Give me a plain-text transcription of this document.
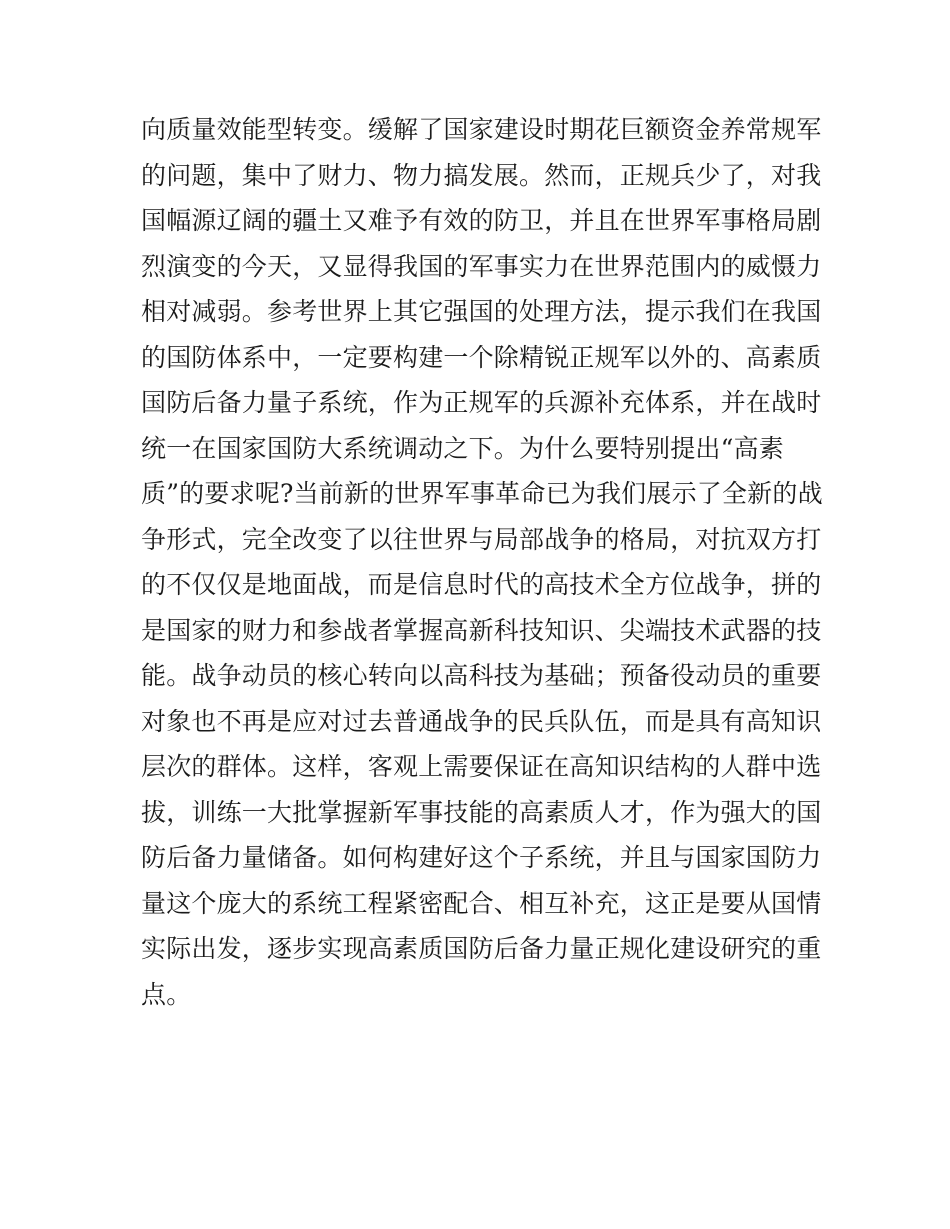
向质量效能型转变。缓解了国家建设时期花巨额资金养常规军
的问题，集中了财力、物力搞发展。然而，正规兵少了，对我
国幅源辽阔的疆土又难予有效的防卫，并且在世界军事格局剧
烈演变的今天，又显得我国的军事实力在世界范围内的威慑力
相对减弱。参考世界上其它强国的处理方法，提示我们在我国
的国防体系中，一定要构建一个除精锐正规军以外的、高素质
国防后备力量子系统，作为正规军的兵源补充体系，并在战时
统一在国家国防大系统调动之下。为什么要特别提出“高素
质”的要求呢?当前新的世界军事革命已为我们展示了全新的战
争形式，完全改变了以往世界与局部战争的格局，对抗双方打
的不仅仅是地面战，而是信息时代的高技术全方位战争，拼的
是国家的财力和参战者掌握高新科技知识、尖端技术武器的技
能。战争动员的核心转向以高科技为基础；预备役动员的重要
对象也不再是应对过去普通战争的民兵队伍，而是具有高知识
层次的群体。这样，客观上需要保证在高知识结构的人群中选
拔，训练一大批掌握新军事技能的高素质人才，作为强大的国
防后备力量储备。如何构建好这个子系统，并且与国家国防力
量这个庞大的系统工程紧密配合、相互补充，这正是要从国情
实际出发，逐步实现高素质国防后备力量正规化建设研究的重
点。
